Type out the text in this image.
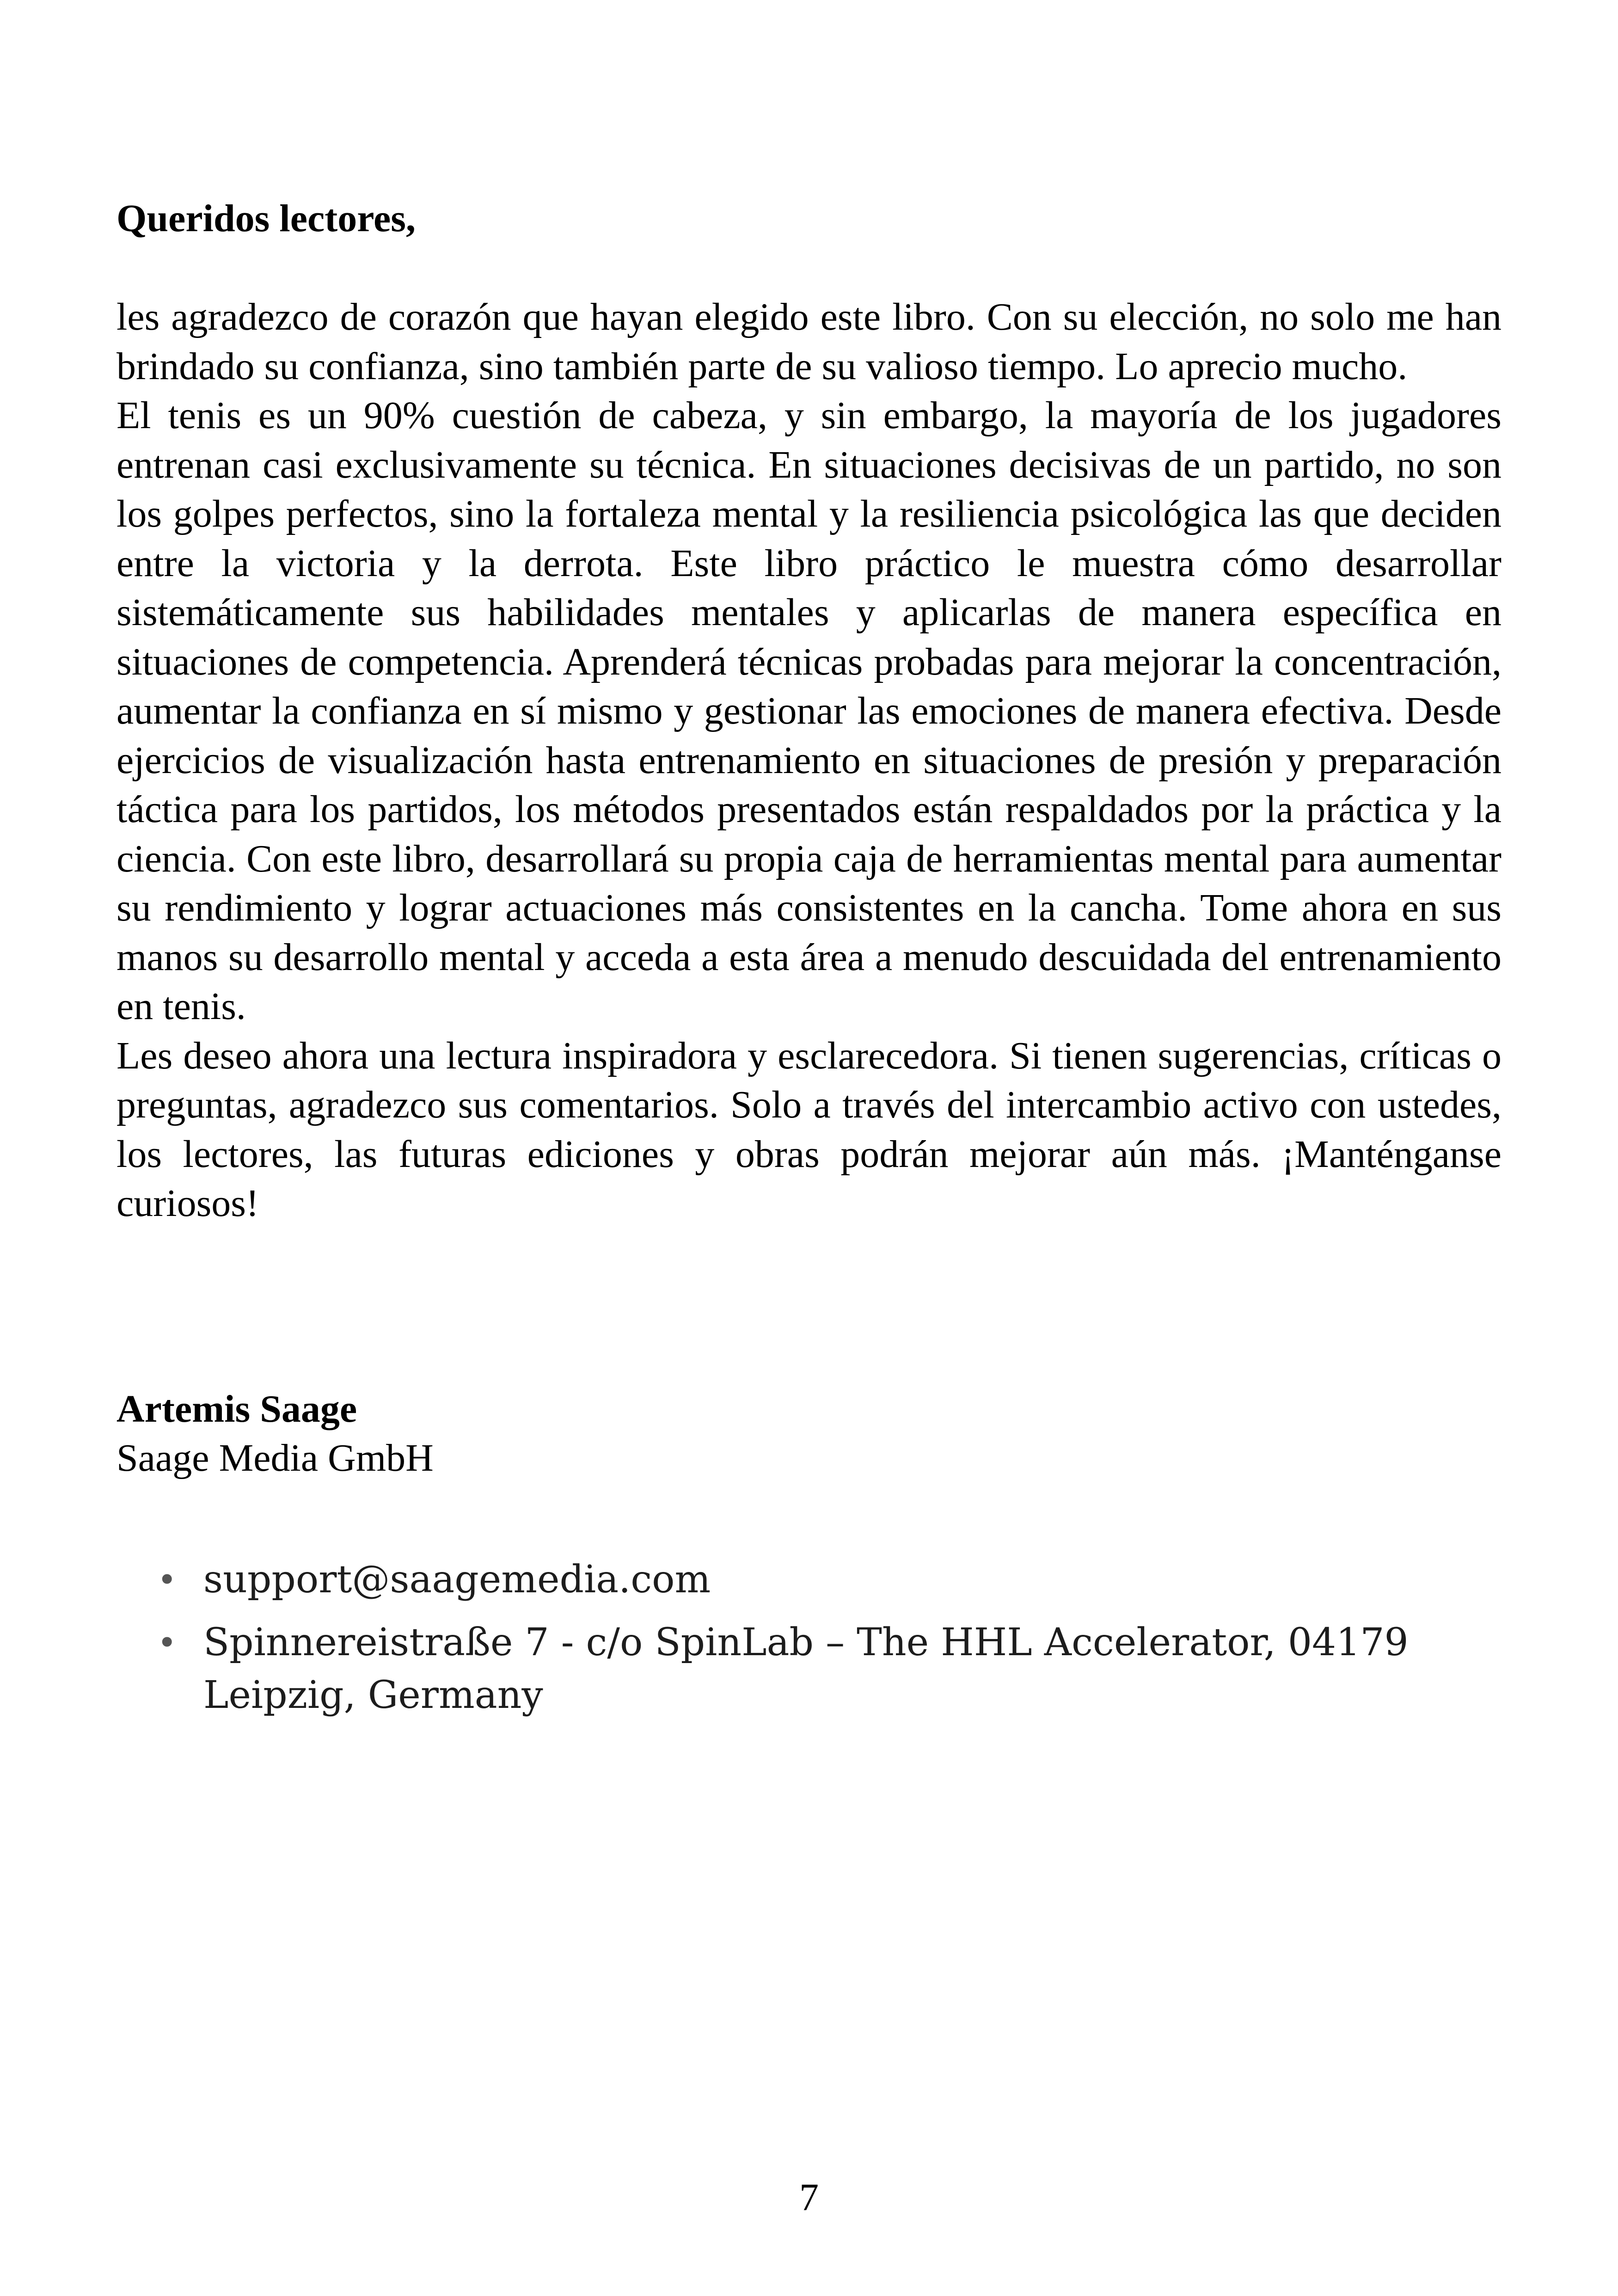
Queridos lectores,

les agradezco de corazón que hayan elegido este libro. Con su elección, no solo me han brindado su confianza, sino también parte de su valioso tiempo. Lo aprecio mucho.

El tenis es un 90% cuestión de cabeza, y sin embargo, la mayoría de los jugadores entrenan casi exclusivamente su técnica. En situaciones decisivas de un partido, no son los golpes perfectos, sino la fortaleza mental y la resiliencia psicológica las que deciden entre la victoria y la derrota. Este libro práctico le muestra cómo desarrollar sistemáticamente sus habilidades mentales y aplicarlas de manera específica en situaciones de competencia. Aprenderá técnicas probadas para mejorar la concentración, aumentar la confianza en sí mismo y gestionar las emociones de manera efectiva. Desde ejercicios de visualización hasta entrenamiento en situaciones de presión y preparación táctica para los partidos, los métodos presentados están respaldados por la práctica y la ciencia. Con este libro, desarrollará su propia caja de herramientas mental para aumentar su rendimiento y lograr actuaciones más consistentes en la cancha. Tome ahora en sus manos su desarrollo mental y acceda a esta área a menudo descuidada del entrenamiento en tenis.

Les deseo ahora una lectura inspiradora y esclarecedora. Si tienen sugerencias, críticas o preguntas, agradezco sus comentarios. Solo a través del intercambio activo con ustedes, los lectores, las futuras ediciones y obras podrán mejorar aún más. ¡Manténganse curiosos!

Artemis Saage
Saage Media GmbH
• support@saagemedia.com
• Spinnereistraße 7 - c/o SpinLab – The HHL Accelerator, 04179 Leipzig, Germany
7
